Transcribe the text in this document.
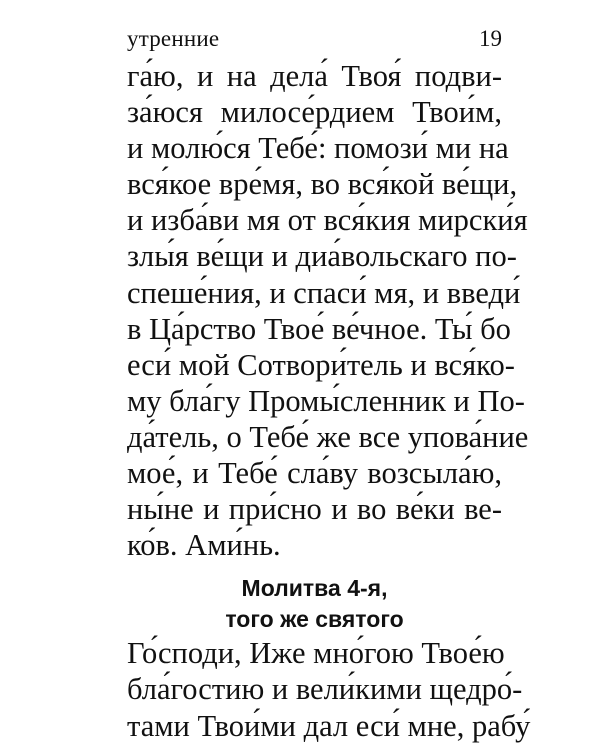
утренние	19
га́ю, и на дела́ Твоя́ подви-
за́юся милосе́рдием Твои́м,
и молю́ся Тебе́: помози́ ми на
вся́кое вре́мя, во вся́кой ве́щи,
и изба́ви мя от вся́кия мирски́я
злы́я ве́щи и диа́вольскаго по-
спеше́ния, и спаси́ мя, и введи́
в Ца́рство Твое́ ве́чное. Ты́ бо
еси́ мой Сотвори́тель и вся́ко-
му бла́гу Промы́сленник и По-
да́тель, о Тебе́ же все упова́ние
мое́, и Тебе́ сла́ву возсыла́ю,
ны́не и при́сно и во ве́ки ве-
ко́в. Ами́нь.
Молитва 4-я,
того же святого
Го́споди, Иже мно́гою Твое́ю
бла́гостию и вели́кими щедро́-
тами Твои́ми дал еси́ мне, рабу́
